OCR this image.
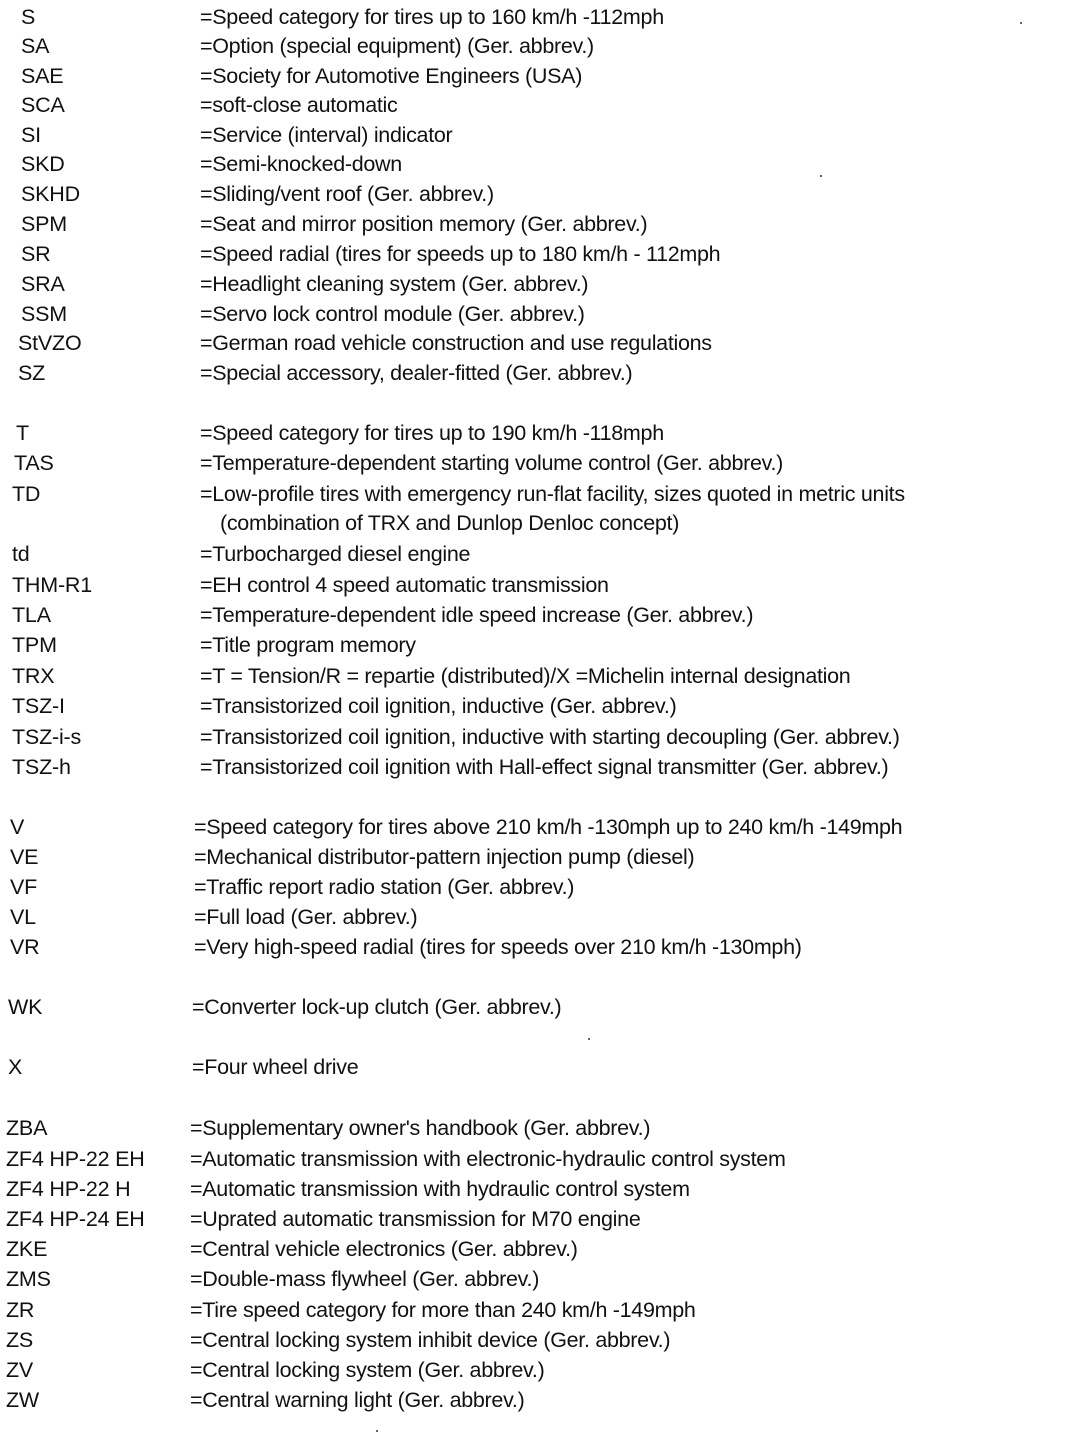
S	=Speed category for tires up to 160 km/h -112mph
SA	=Option (special equipment) (Ger. abbrev.)
SAE	=Society for Automotive Engineers (USA)
SCA	=soft-close automatic
SI	=Service (interval) indicator
SKD	=Semi-knocked-down
SKHD	=Sliding/vent roof (Ger. abbrev.)
SPM	=Seat and mirror position memory (Ger. abbrev.)
SR	=Speed radial (tires for speeds up to 180 km/h - 112mph
SRA	=Headlight cleaning system (Ger. abbrev.)
SSM	=Servo lock control module (Ger. abbrev.)
StVZO	=German road vehicle construction and use regulations
SZ	=Special accessory, dealer-fitted (Ger. abbrev.)
T	=Speed category for tires up to 190 km/h -118mph
TAS	=Temperature-dependent starting volume control (Ger. abbrev.)
TD	=Low-profile tires with emergency run-flat facility, sizes quoted in metric units
(combination of TRX and Dunlop Denloc concept)
td	=Turbocharged diesel engine
THM-R1	=EH control 4 speed automatic transmission
TLA	=Temperature-dependent idle speed increase (Ger. abbrev.)
TPM	=Title program memory
TRX	=T = Tension/R = repartie (distributed)/X =Michelin internal designation
TSZ-I	=Transistorized coil ignition, inductive (Ger. abbrev.)
TSZ-i-s	=Transistorized coil ignition, inductive with starting decoupling (Ger. abbrev.)
TSZ-h	=Transistorized coil ignition with Hall-effect signal transmitter (Ger. abbrev.)
V	=Speed category for tires above 210 km/h -130mph up to 240 km/h -149mph
VE	=Mechanical distributor-pattern injection pump (diesel)
VF	=Traffic report radio station (Ger. abbrev.)
VL	=Full load (Ger. abbrev.)
VR	=Very high-speed radial (tires for speeds over 210 km/h -130mph)
WK	=Converter lock-up clutch (Ger. abbrev.)
X	=Four wheel drive
ZBA	=Supplementary owner's handbook (Ger. abbrev.)
ZF4 HP-22 EH =Automatic transmission with electronic-hydraulic control system
ZF4 HP-22 H	=Automatic transmission with hydraulic control system
ZF4 HP-24 EH =Uprated automatic transmission for M70 engine
ZKE	=Central vehicle electronics (Ger. abbrev.)
ZMS	=Double-mass flywheel (Ger. abbrev.)
ZR	=Tire speed category for more than 240 km/h -149mph
ZS	=Central locking system inhibit device (Ger. abbrev.)
ZV	=Central locking system (Ger. abbrev.)
ZW	=Central warning light (Ger. abbrev.)
